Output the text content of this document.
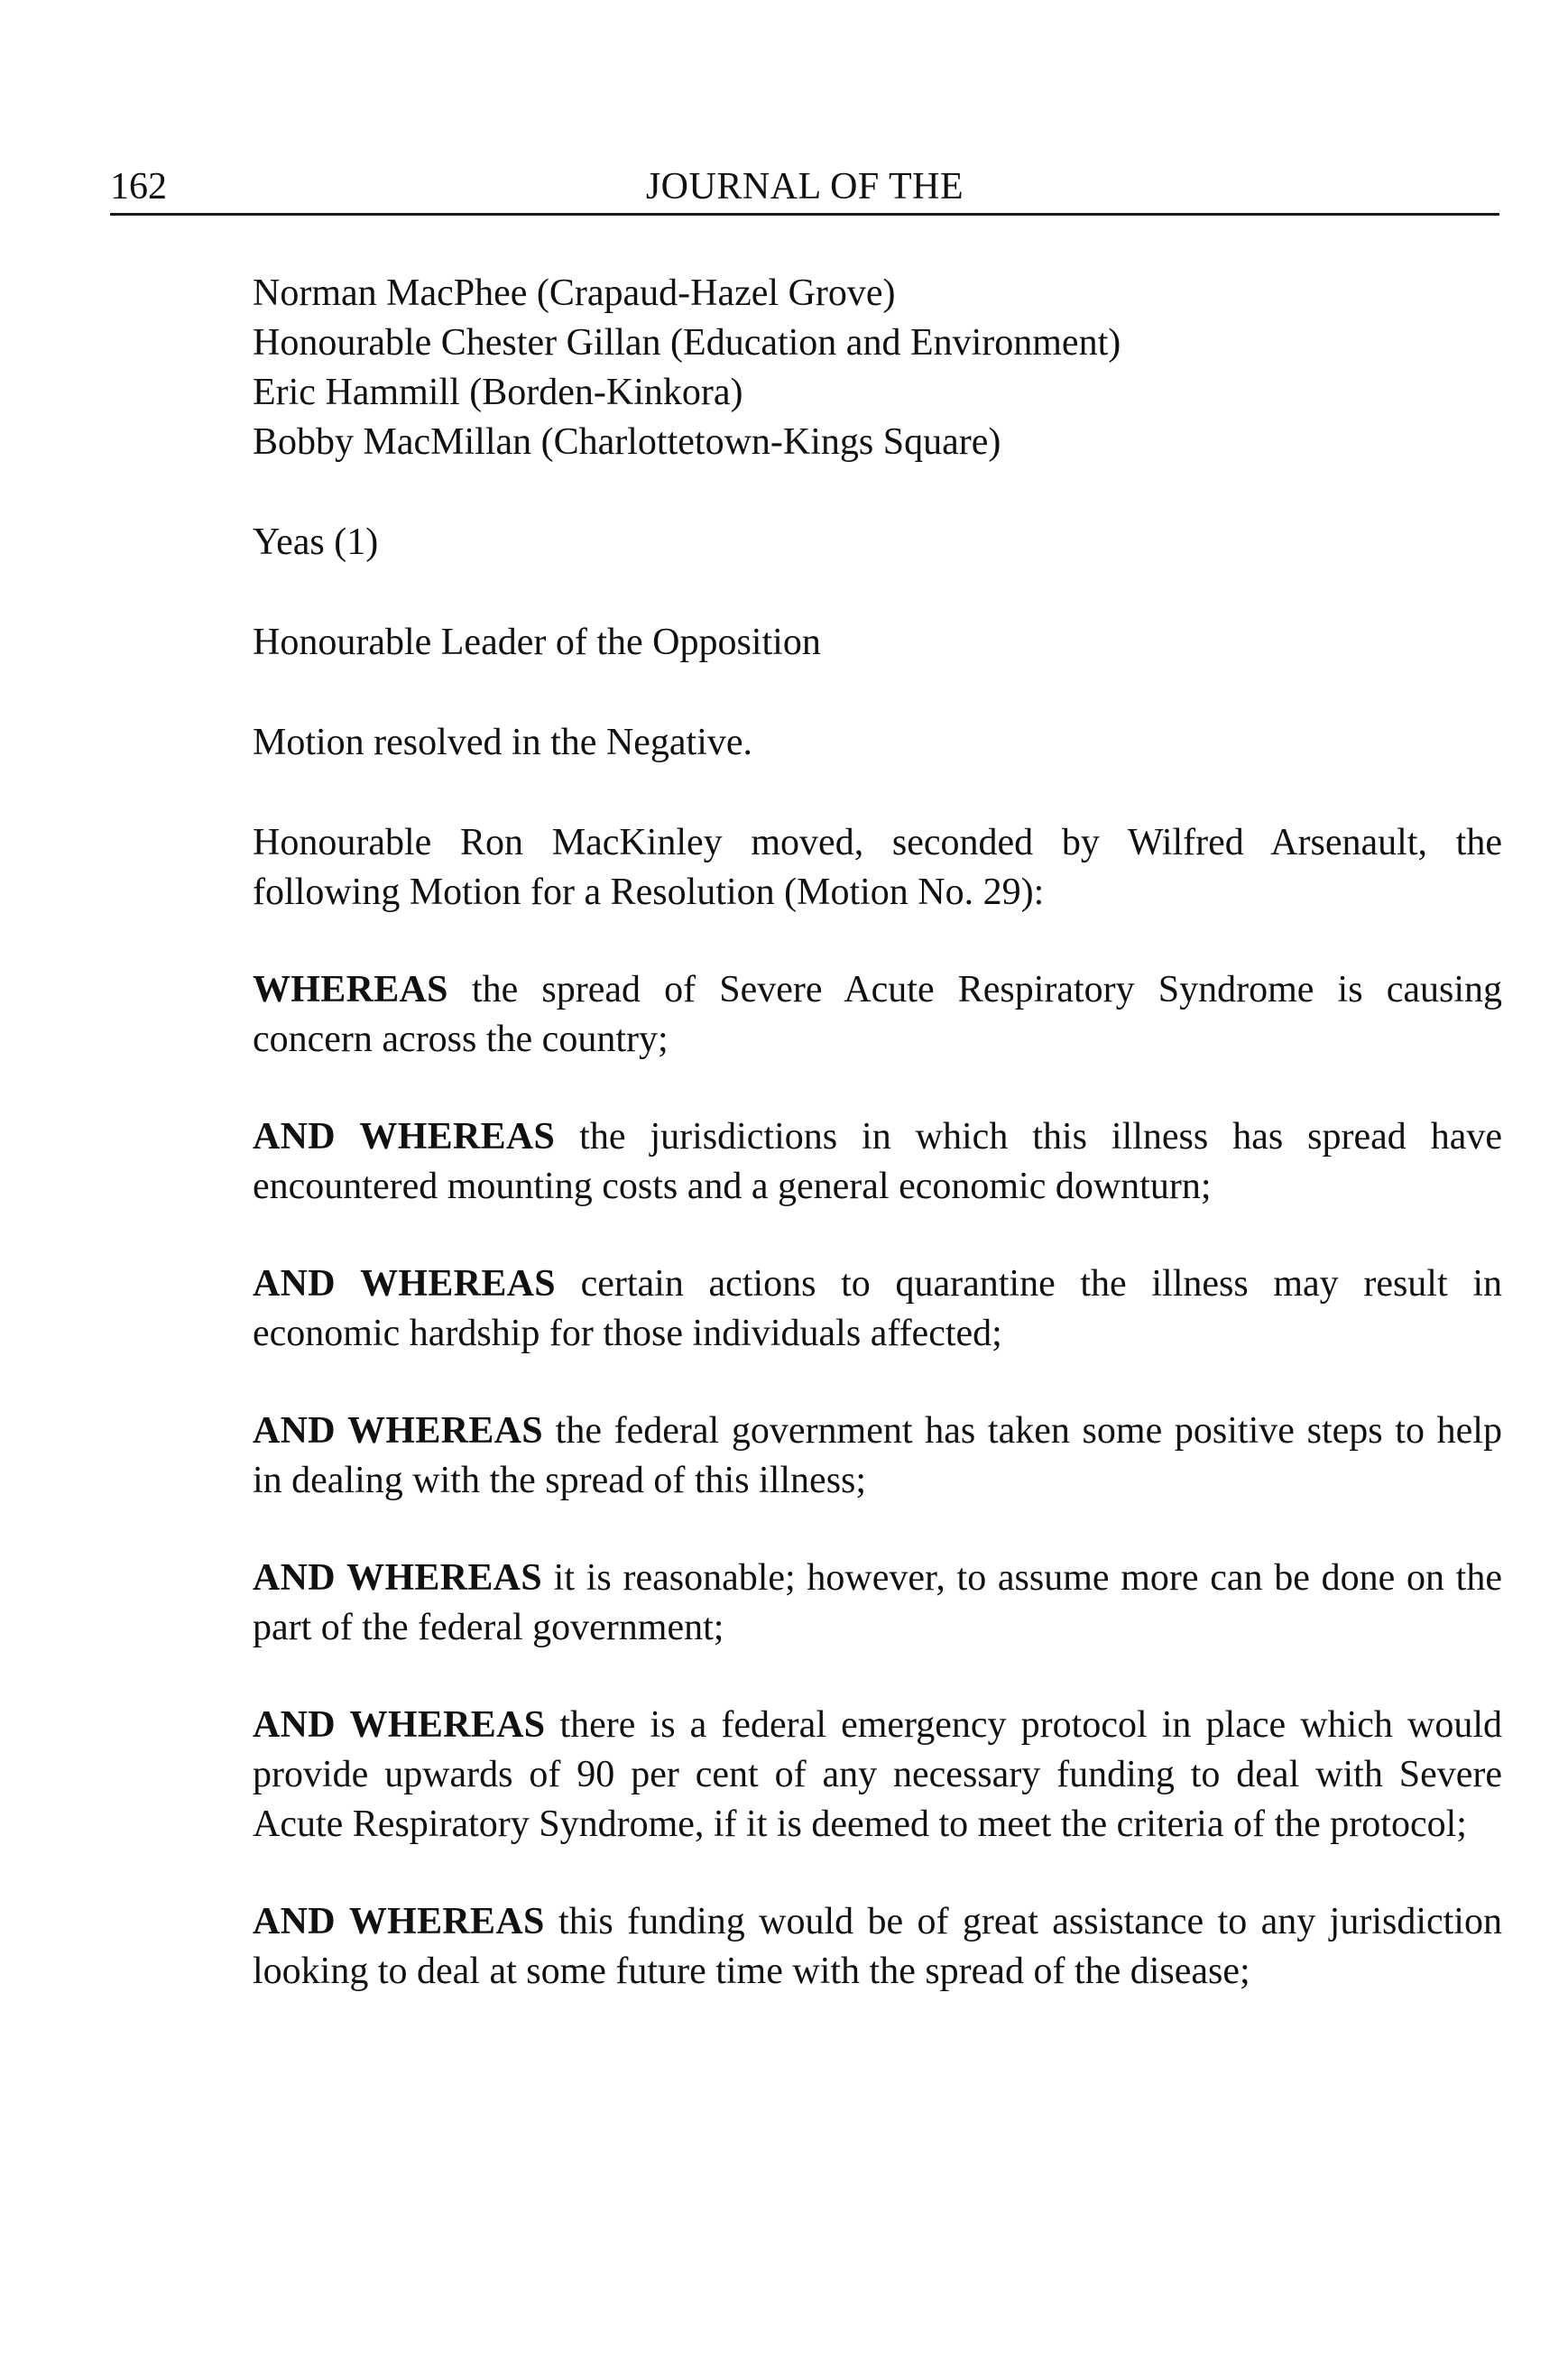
162	JOURNAL OF THE
Norman MacPhee (Crapaud-Hazel Grove)
Honourable Chester Gillan (Education and Environment)
Eric Hammill (Borden-Kinkora)
Bobby MacMillan (Charlottetown-Kings Square)

Yeas (1)

Honourable Leader of the Opposition

Motion resolved in the Negative.

Honourable Ron MacKinley moved, seconded by Wilfred Arsenault, the following Motion for a Resolution (Motion No. 29):

WHEREAS the spread of Severe Acute Respiratory Syndrome is causing concern across the country;

AND WHEREAS the jurisdictions in which this illness has spread have encountered mounting costs and a general economic downturn;

AND WHEREAS certain actions to quarantine the illness may result in economic hardship for those individuals affected;

AND WHEREAS the federal government has taken some positive steps to help in dealing with the spread of this illness;

AND WHEREAS it is reasonable; however, to assume more can be done on the part of the federal government;

AND WHEREAS there is a federal emergency protocol in place which would provide upwards of 90 per cent of any necessary funding to deal with Severe Acute Respiratory Syndrome, if it is deemed to meet the criteria of the protocol;

AND WHEREAS this funding would be of great assistance to any jurisdiction looking to deal at some future time with the spread of the disease;
